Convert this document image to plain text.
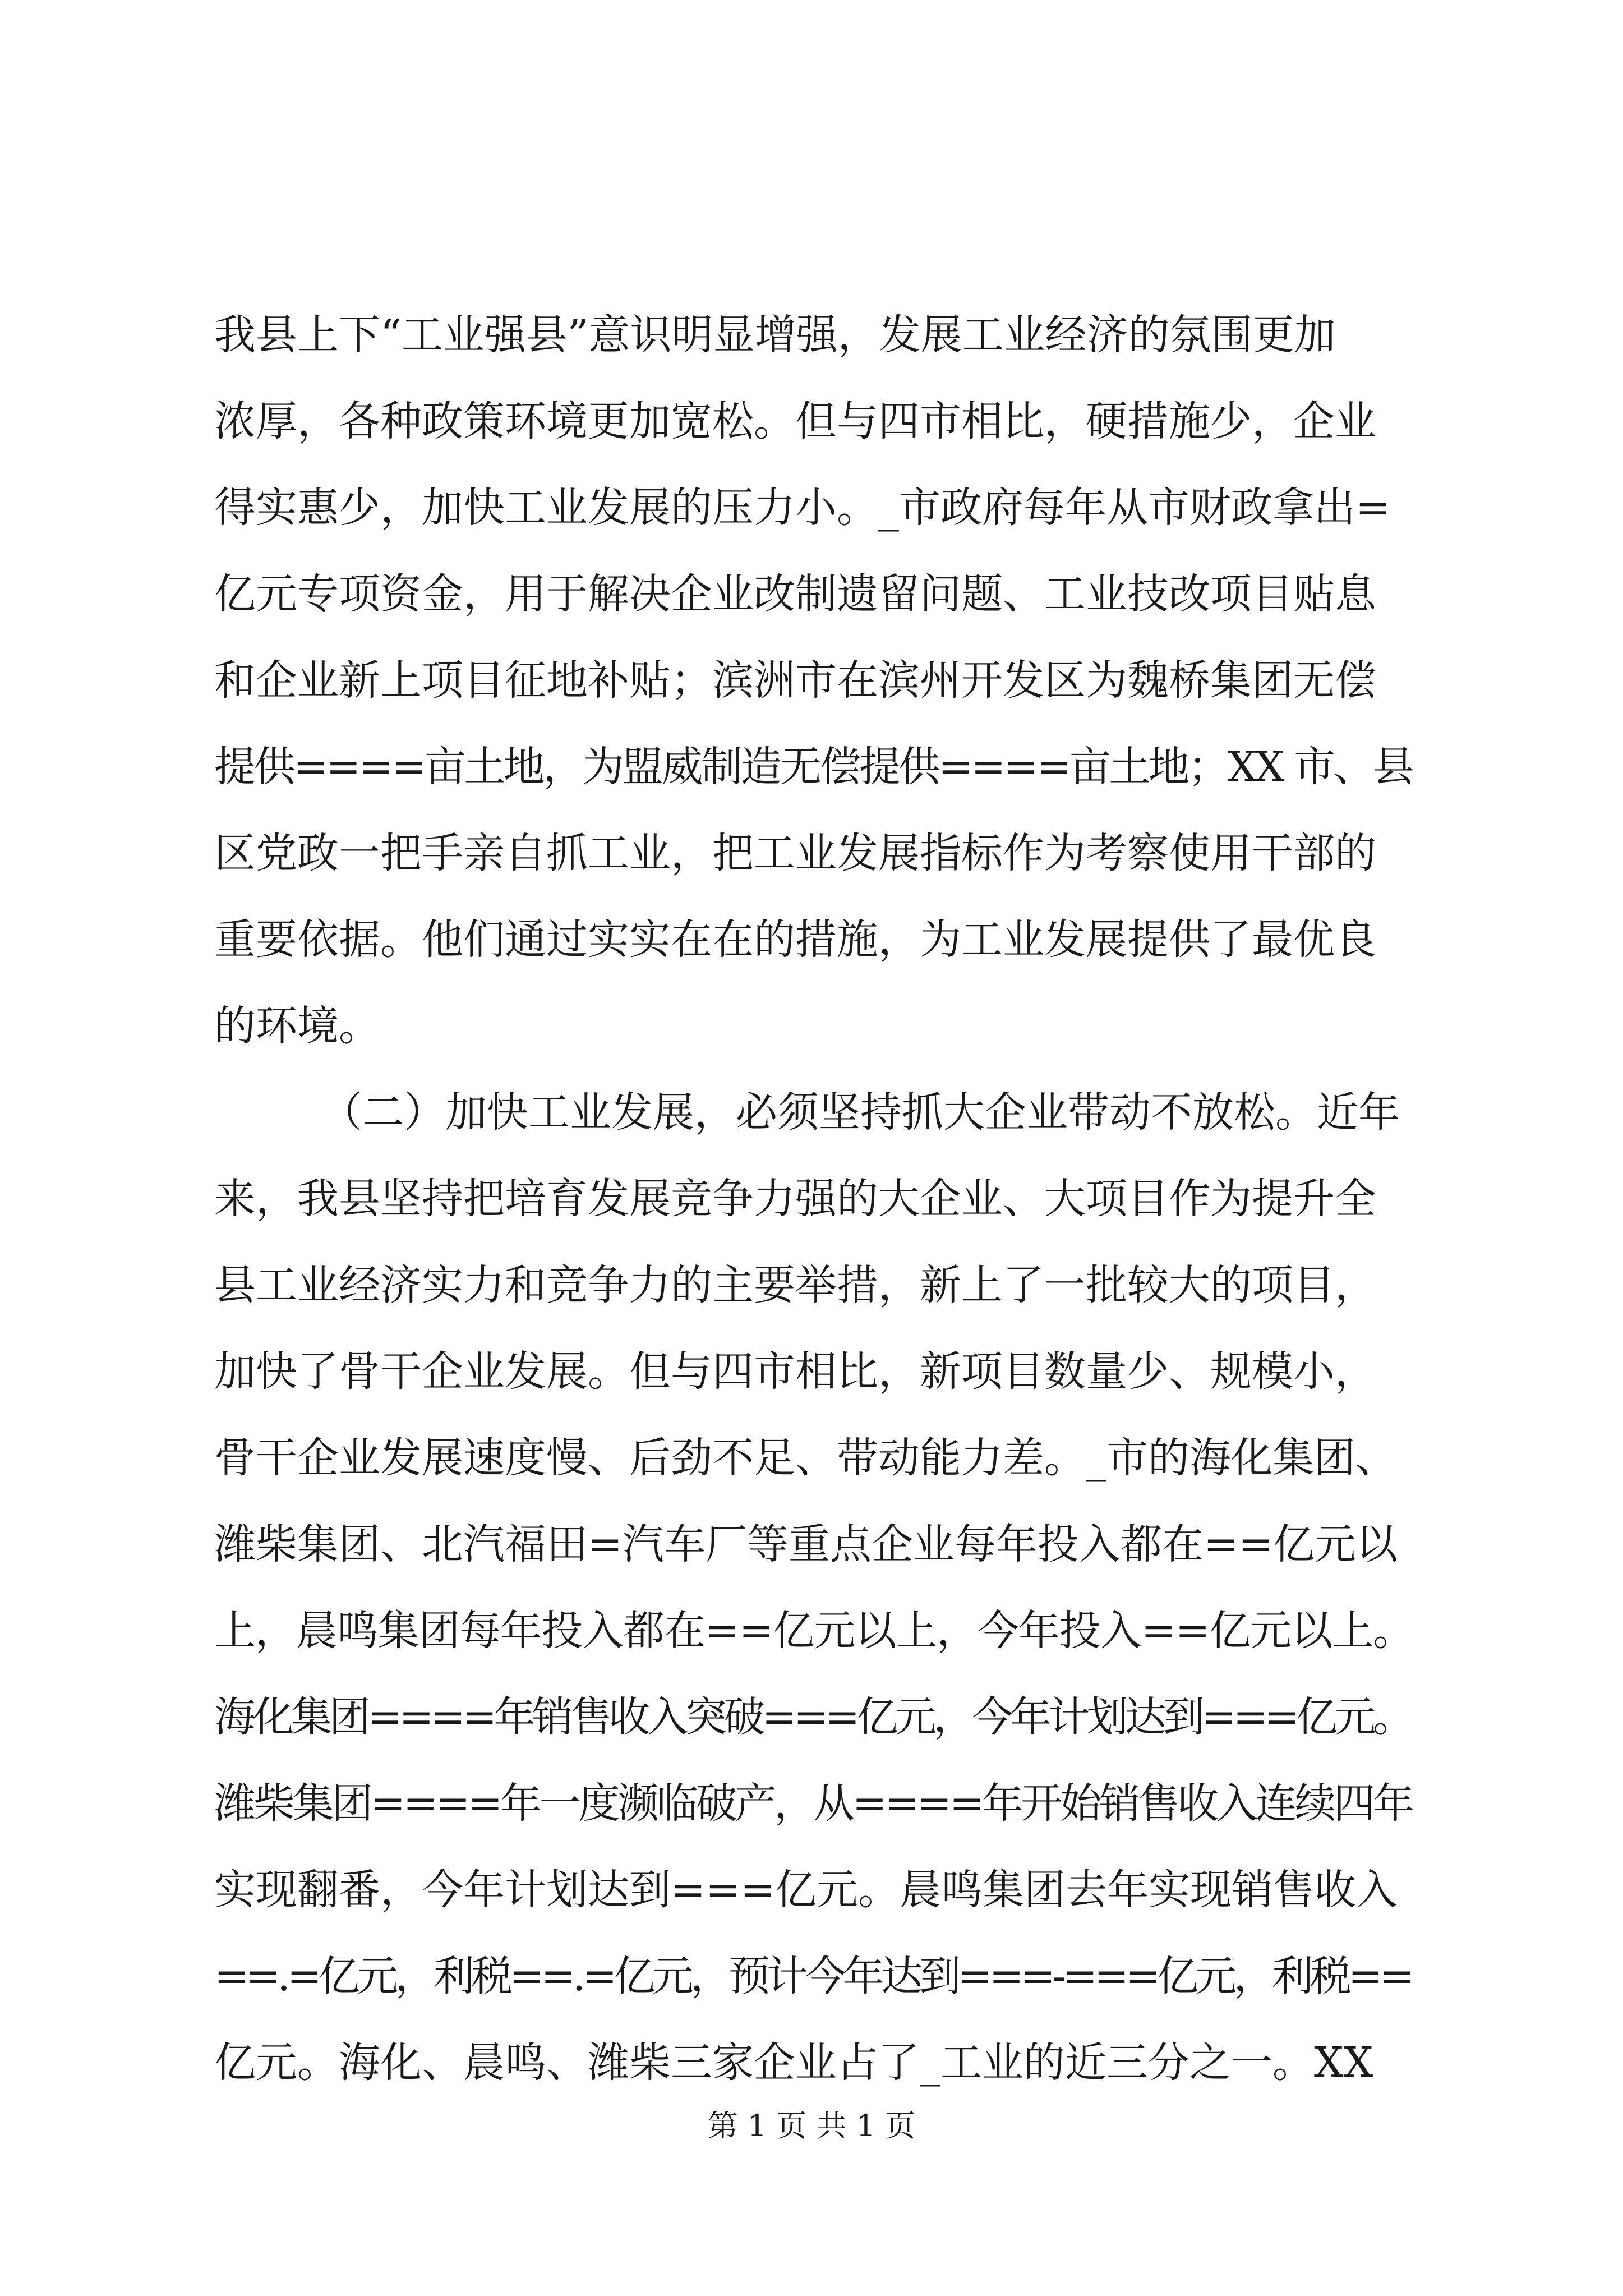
我县上下“工业强县”意识明显增强，发展工业经济的氛围更加
浓厚，各种政策环境更加宽松。但与四市相比，硬措施少，企业
得实惠少，加快工业发展的压力小。_市政府每年从市财政拿出=
亿元专项资金，用于解决企业改制遗留问题、工业技改项目贴息
和企业新上项目征地补贴；滨洲市在滨州开发区为魏桥集团无偿
提供====亩土地，为盟威制造无偿提供====亩土地；XX 市、县
区党政一把手亲自抓工业，把工业发展指标作为考察使用干部的
重要依据。他们通过实实在在的措施，为工业发展提供了最优良
的环境。
（二）加快工业发展，必须坚持抓大企业带动不放松。近年
来，我县坚持把培育发展竞争力强的大企业、大项目作为提升全
县工业经济实力和竞争力的主要举措，新上了一批较大的项目，
加快了骨干企业发展。但与四市相比，新项目数量少、规模小，
骨干企业发展速度慢、后劲不足、带动能力差。_市的海化集团、
潍柴集团、北汽福田=汽车厂等重点企业每年投入都在==亿元以
上，晨鸣集团每年投入都在==亿元以上，今年投入==亿元以上。
海化集团====年销售收入突破===亿元，今年计划达到===亿元。
潍柴集团====年一度濒临破产，从====年开始销售收入连续四年
实现翻番，今年计划达到===亿元。晨鸣集团去年实现销售收入
==.=亿元，利税==.=亿元，预计今年达到===-===亿元，利税==
亿元。海化、晨鸣、潍柴三家企业占了_工业的近三分之一。XX
第 1 页 共 1 页
